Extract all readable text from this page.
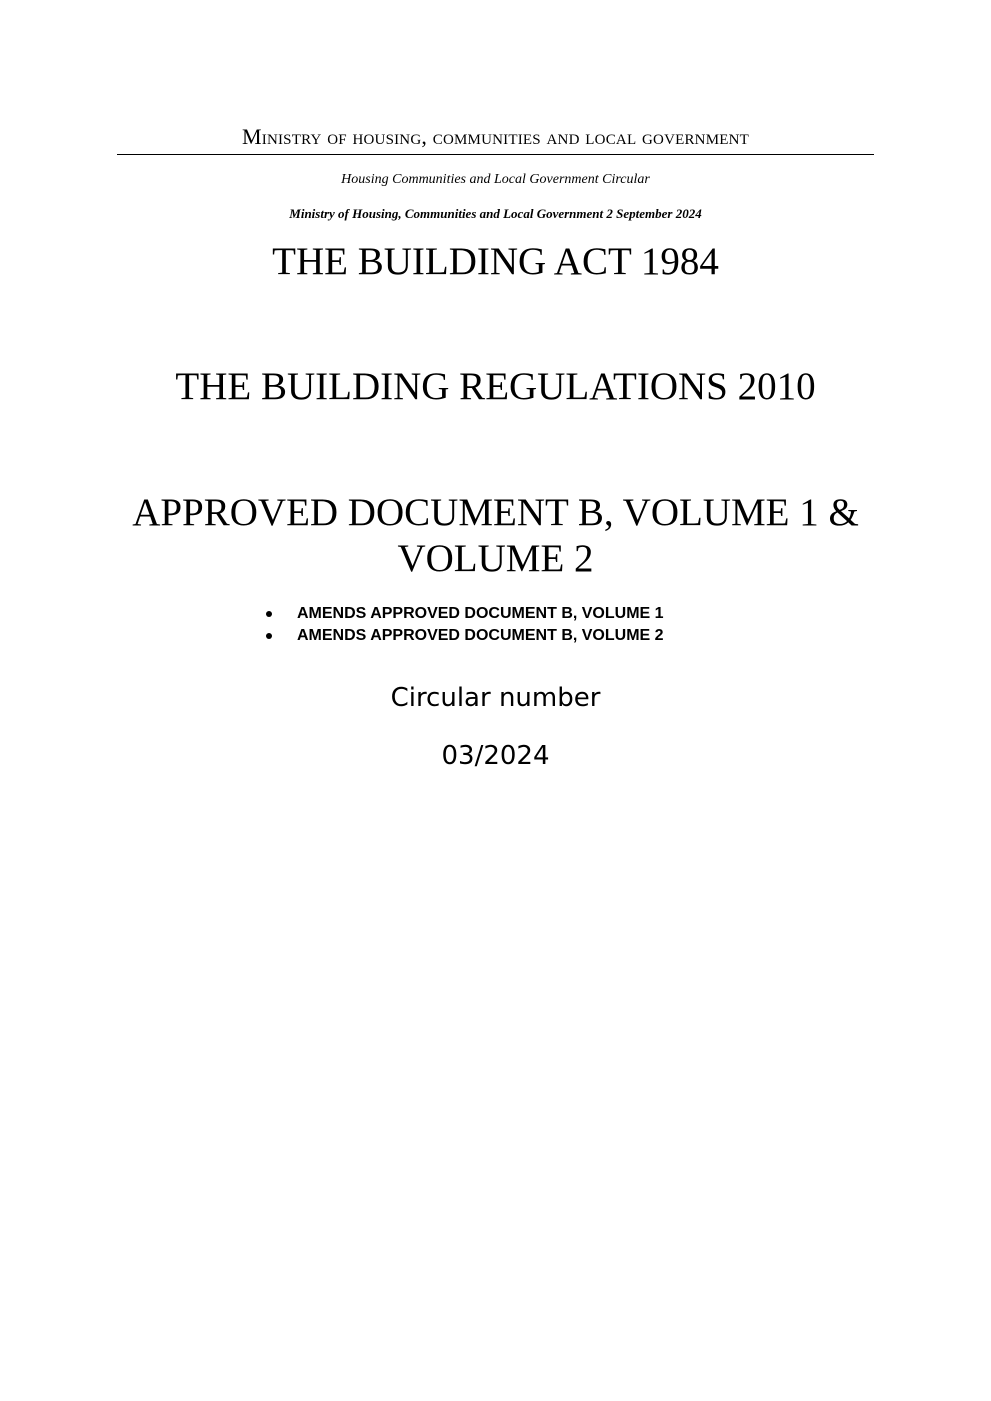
Ministry of housing, communities and local government
Housing Communities and Local Government Circular
Ministry of Housing, Communities and Local Government 2 September 2024
THE BUILDING ACT 1984
THE BUILDING REGULATIONS 2010
APPROVED DOCUMENT B, VOLUME 1 & VOLUME 2
AMENDS APPROVED DOCUMENT B, VOLUME 1
AMENDS APPROVED DOCUMENT B, VOLUME 2
Circular number
03/2024
